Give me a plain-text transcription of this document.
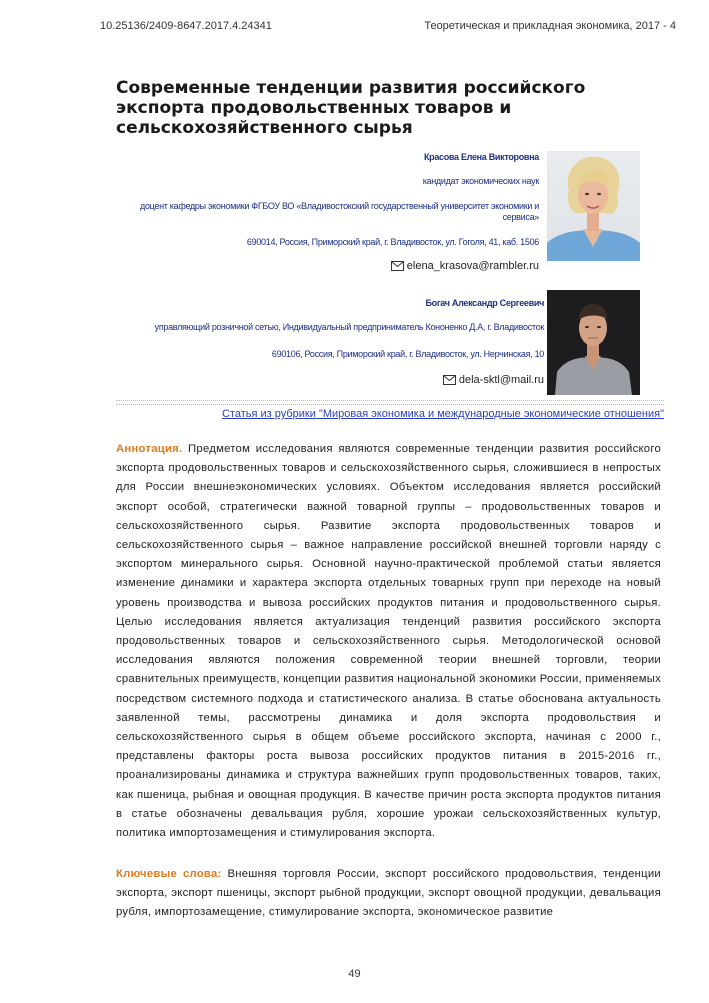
10.25136/2409-8647.2017.4.24341	Теоретическая и прикладная экономика, 2017 - 4
Современные тенденции развития российского экспорта продовольственных товаров и сельскохозяйственного сырья
Красова Елена Викторовна
кандидат экономических наук
доцент кафедры экономики ФГБОУ ВО «Владивостокский государственный университет экономики и сервиса»
690014, Россия, Приморский край, г. Владивосток, ул. Гоголя, 41, каб. 1506
elena_krasova@rambler.ru
Богач Александр Сергеевич
управляющий розничной сетью, Индивидуальный предприниматель Кононенко Д.А, г. Владивосток
690106, Россия, Приморский край, г. Владивосток, ул. Нерчинская, 10
dela-sktl@mail.ru
Статья из рубрики "Мировая экономика и международные экономические отношения"
Аннотация. Предметом исследования являются современные тенденции развития российского экспорта продовольственных товаров и сельскохозяйственного сырья, сложившиеся в непростых для России внешнеэкономических условиях. Объектом исследования является российский экспорт особой, стратегически важной товарной группы – продовольственных товаров и сельскохозяйственного сырья. Развитие экспорта продовольственных товаров и сельскохозяйственного сырья – важное направление российской внешней торговли наряду с экспортом минерального сырья. Основной научно-практической проблемой статьи является изменение динамики и характера экспорта отдельных товарных групп при переходе на новый уровень производства и вывоза российских продуктов питания и продовольственного сырья. Целью исследования является актуализация тенденций развития российского экспорта продовольственных товаров и сельскохозяйственного сырья. Методологической основой исследования являются положения современной теории внешней торговли, теории сравнительных преимуществ, концепции развития национальной экономики России, применяемых посредством системного подхода и статистического анализа. В статье обоснована актуальность заявленной темы, рассмотрены динамика и доля экспорта продовольствия и сельскохозяйственного сырья в общем объеме российского экспорта, начиная с 2000 г., представлены факторы роста вывоза российских продуктов питания в 2015-2016 гг., проанализированы динамика и структура важнейших групп продовольственных товаров, таких, как пшеница, рыбная и овощная продукция. В качестве причин роста экспорта продуктов питания в статье обозначены девальвация рубля, хорошие урожаи сельскохозяйственных культур, политика импортозамещения и стимулирования экспорта.
Ключевые слова: Внешняя торговля России, экспорт российского продовольствия, тенденции экспорта, экспорт пшеницы, экспорт рыбной продукции, экспорт овощной продукции, девальвация рубля, импортозамещение, стимулирование экспорта, экономическое развитие
49
